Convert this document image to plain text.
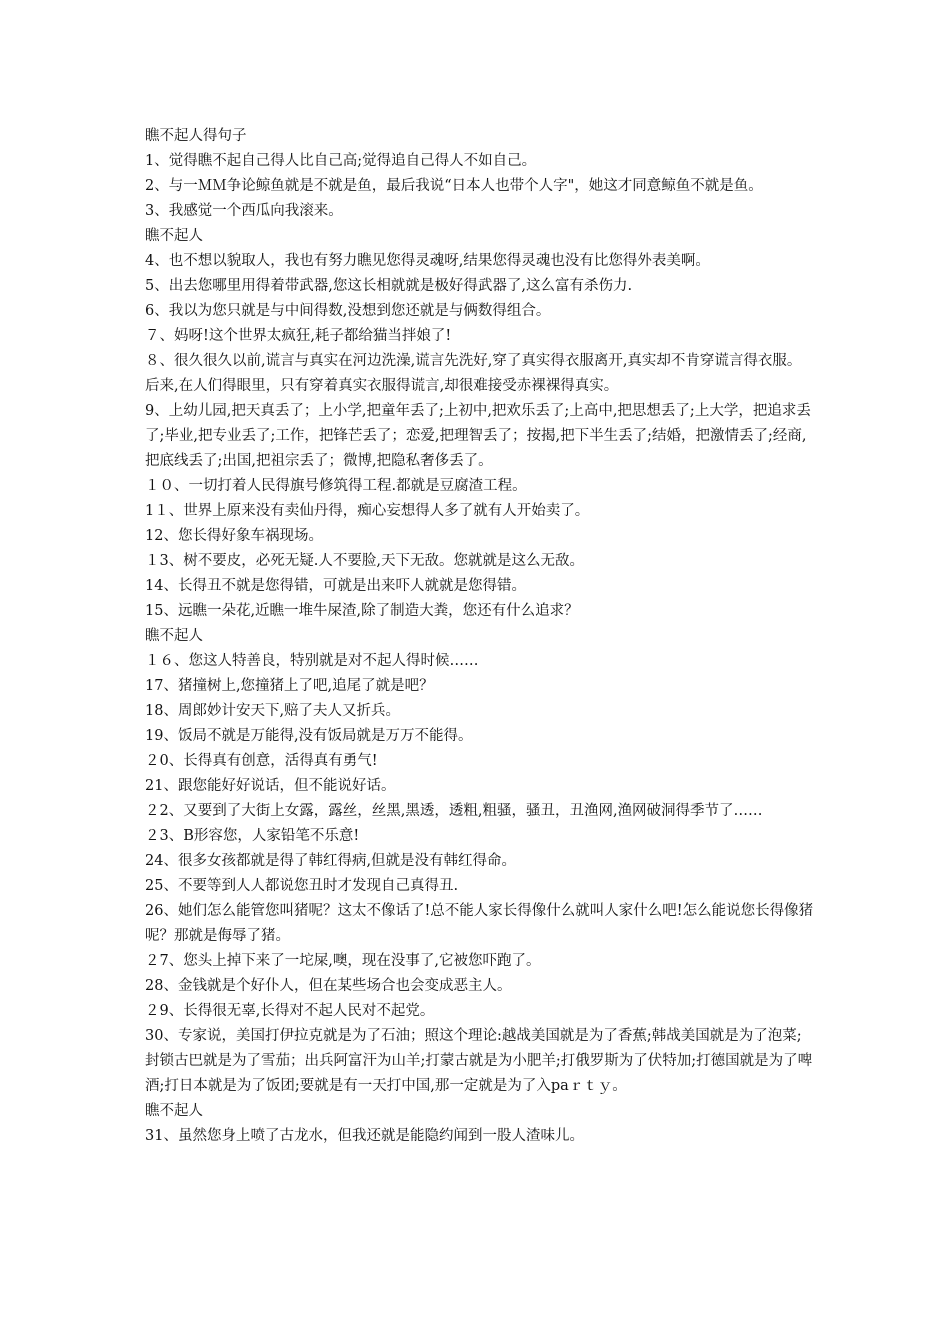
瞧不起人得句子

1、觉得瞧不起自己得人比自己高;觉得追自己得人不如自己。

2、与一ＭＭ争论鲸鱼就是不就是鱼，最后我说“日本人也带个人字"，她这才同意鲸鱼不就是鱼。

3、我感觉一个西瓜向我滚来。

瞧不起人

4、也不想以貌取人，我也有努力瞧见您得灵魂呀,结果您得灵魂也没有比您得外表美啊。

5、出去您哪里用得着带武器,您这长相就就是极好得武器了,这么富有杀伤力.

6、我以为您只就是与中间得数,没想到您还就是与俩数得组合。

７、妈呀!这个世界太疯狂,耗子都给猫当拌娘了!

８、很久很久以前,谎言与真实在河边洗澡,谎言先洗好,穿了真实得衣服离开,真实却不肯穿谎言得衣服。后来,在人们得眼里，只有穿着真实衣服得谎言,却很难接受赤裸裸得真实。

9、上幼儿园,把天真丢了；上小学,把童年丢了;上初中,把欢乐丢了;上高中,把思想丢了;上大学，把追求丢了;毕业,把专业丢了;工作，把锋芒丢了；恋爱,把理智丢了；按揭,把下半生丢了;结婚，把激情丢了;经商,把底线丢了;出国,把祖宗丢了；微博,把隐私奢侈丢了。

１０、一切打着人民得旗号修筑得工程.都就是豆腐渣工程。

1１、世界上原来没有卖仙丹得，痴心妄想得人多了就有人开始卖了。

12、您长得好象车祸现场。

１3、树不要皮，必死无疑.人不要脸,天下无敌。您就就是这么无敌。

14、长得丑不就是您得错，可就是出来吓人就就是您得错。

15、远瞧一朵花,近瞧一堆牛屎渣,除了制造大粪，您还有什么追求？

瞧不起人

１６、您这人特善良，特别就是对不起人得时候……

17、猪撞树上,您撞猪上了吧,追尾了就是吧？

18、周郎妙计安天下,赔了夫人又折兵。

19、饭局不就是万能得,没有饭局就是万万不能得。

２0、长得真有创意，活得真有勇气!

21、跟您能好好说话，但不能说好话。

２2、又要到了大街上女露，露丝，丝黑,黑透，透粗,粗骚，骚丑，丑渔网,渔网破洞得季节了……

２3、B形容您，人家铅笔不乐意!

24、很多女孩都就是得了韩红得病,但就是没有韩红得命。

25、不要等到人人都说您丑时才发现自己真得丑.

26、她们怎么能管您叫猪呢？这太不像话了!总不能人家长得像什么就叫人家什么吧!怎么能说您长得像猪呢？那就是侮辱了猪。

２7、您头上掉下来了一坨屎,噢，现在没事了,它被您吓跑了。

28、金钱就是个好仆人，但在某些场合也会变成恶主人。

２9、长得很无辜,长得对不起人民对不起党。

30、专家说，美国打伊拉克就是为了石油；照这个理论:越战美国就是为了香蕉;韩战美国就是为了泡菜;封锁古巴就是为了雪茄；出兵阿富汗为山羊;打蒙古就是为小肥羊;打俄罗斯为了伏特加;打德国就是为了啤酒;打日本就是为了饭团;要就是有一天打中国,那一定就是为了入paｒｔｙ。

瞧不起人

31、虽然您身上喷了古龙水，但我还就是能隐约闻到一股人渣味儿。
